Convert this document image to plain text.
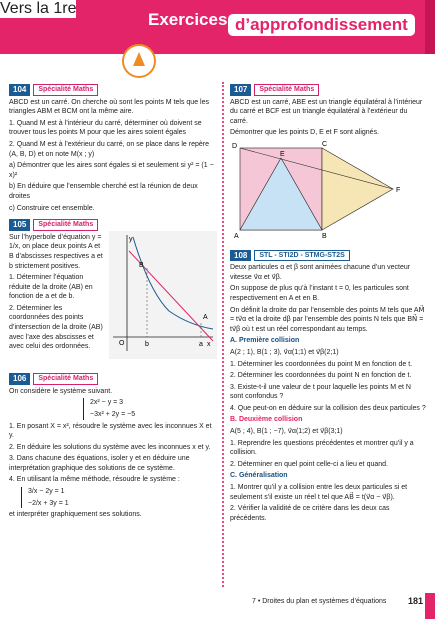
Exercices d’approfondissement
Vers la 1re
104	Spécialité Maths

ABCD est un carré. On cherche où sont les points M tels que les triangles ABM et BCM ont la même aire.

1. Quand M est à l’intérieur du carré, déterminer où doivent se trouver tous les points M pour que les aires soient égales

2. Quand M est à l’extérieur du carré, on se place dans le repère (A, B, D) et on note M(x ; y)

a) Démontrer que les aires sont égales si et seulement si y² = (1 − x)²

b) En déduire que l’ensemble cherché est la réunion de deux droites

c) Construire cet ensemble.

105	Spécialité Maths

Sur l’hyperbole d’équation y = 1/x, on place deux points A et B d’abscisses respectives a et b strictement positives.

1. Déterminer l’équation réduite de la droite (AB) en fonction de a et de b.

2. Déterminer les coordonnées des points d’intersection de la droite (AB) avec l’axe des abscisses et avec celui des ordonnées.

y
x
O	b	a
B
A
106	Spécialité Maths

On considère le système suivant.

2x² − y = 3

−3x² + 2y = −5

1. En posant X = x², résoudre le système avec les inconnues X et y.

2. En déduire les solutions du système avec les inconnues x et y.

3. Dans chacune des équations, isoler y et en déduire une interprétation graphique des solutions de ce système.

4. En utilisant la même méthode, résoudre le système :

3/x − 2y = 1

−2/x + 3y = 1

et interpréter graphiquement ses solutions.

107	Spécialité Maths

ABCD est un carré, ABE est un triangle équilatéral à l’intérieur du carré et BCF est un triangle équilatéral à l’extérieur du carré.

Démontrer que les points D, E et F sont alignés.

D
E
C
F
A	B
108	STL - STI2D - STMG-ST2S

Deux particules α et β sont animées chacune d’un vecteur vitesse v⃗α et v⃗β.

On suppose de plus qu’à l’instant t = 0, les particules sont respectivement en A et en B.

On définit la droite dα par l’ensemble des points M tels que AM⃗ = tv⃗α et la droite dβ par l’ensemble des points N tels que BN⃗ = tv⃗β où t est un réel correspondant au temps.

A. Première collision

A(2 ; 1), B(1 ; 3), v⃗α(1;1) et v⃗β(2;1)

1. Déterminer les coordonnées du point M en fonction de t.

2. Déterminer les coordonnées du point N en fonction de t.

3. Existe-t-il une valeur de t pour laquelle les points M et N sont confondus ?

4. Que peut-on en déduire sur la collision des deux particules ?

B. Deuxième collision

A(5 ; 4), B(1 ; −7), v⃗α(1;2) et v⃗β(3;1)

1. Reprendre les questions précédentes et montrer qu’il y a collision.

2. Déterminer en quel point celle-ci a lieu et quand.

C. Généralisation

1. Montrer qu’il y a collision entre les deux particules si et seulement s’il existe un réel t tel que AB⃗ = t(v⃗α − v⃗β).

2. Vérifier la validité de ce critère dans les deux cas précédents.

7 • Droites du plan et systèmes d’équations 181
